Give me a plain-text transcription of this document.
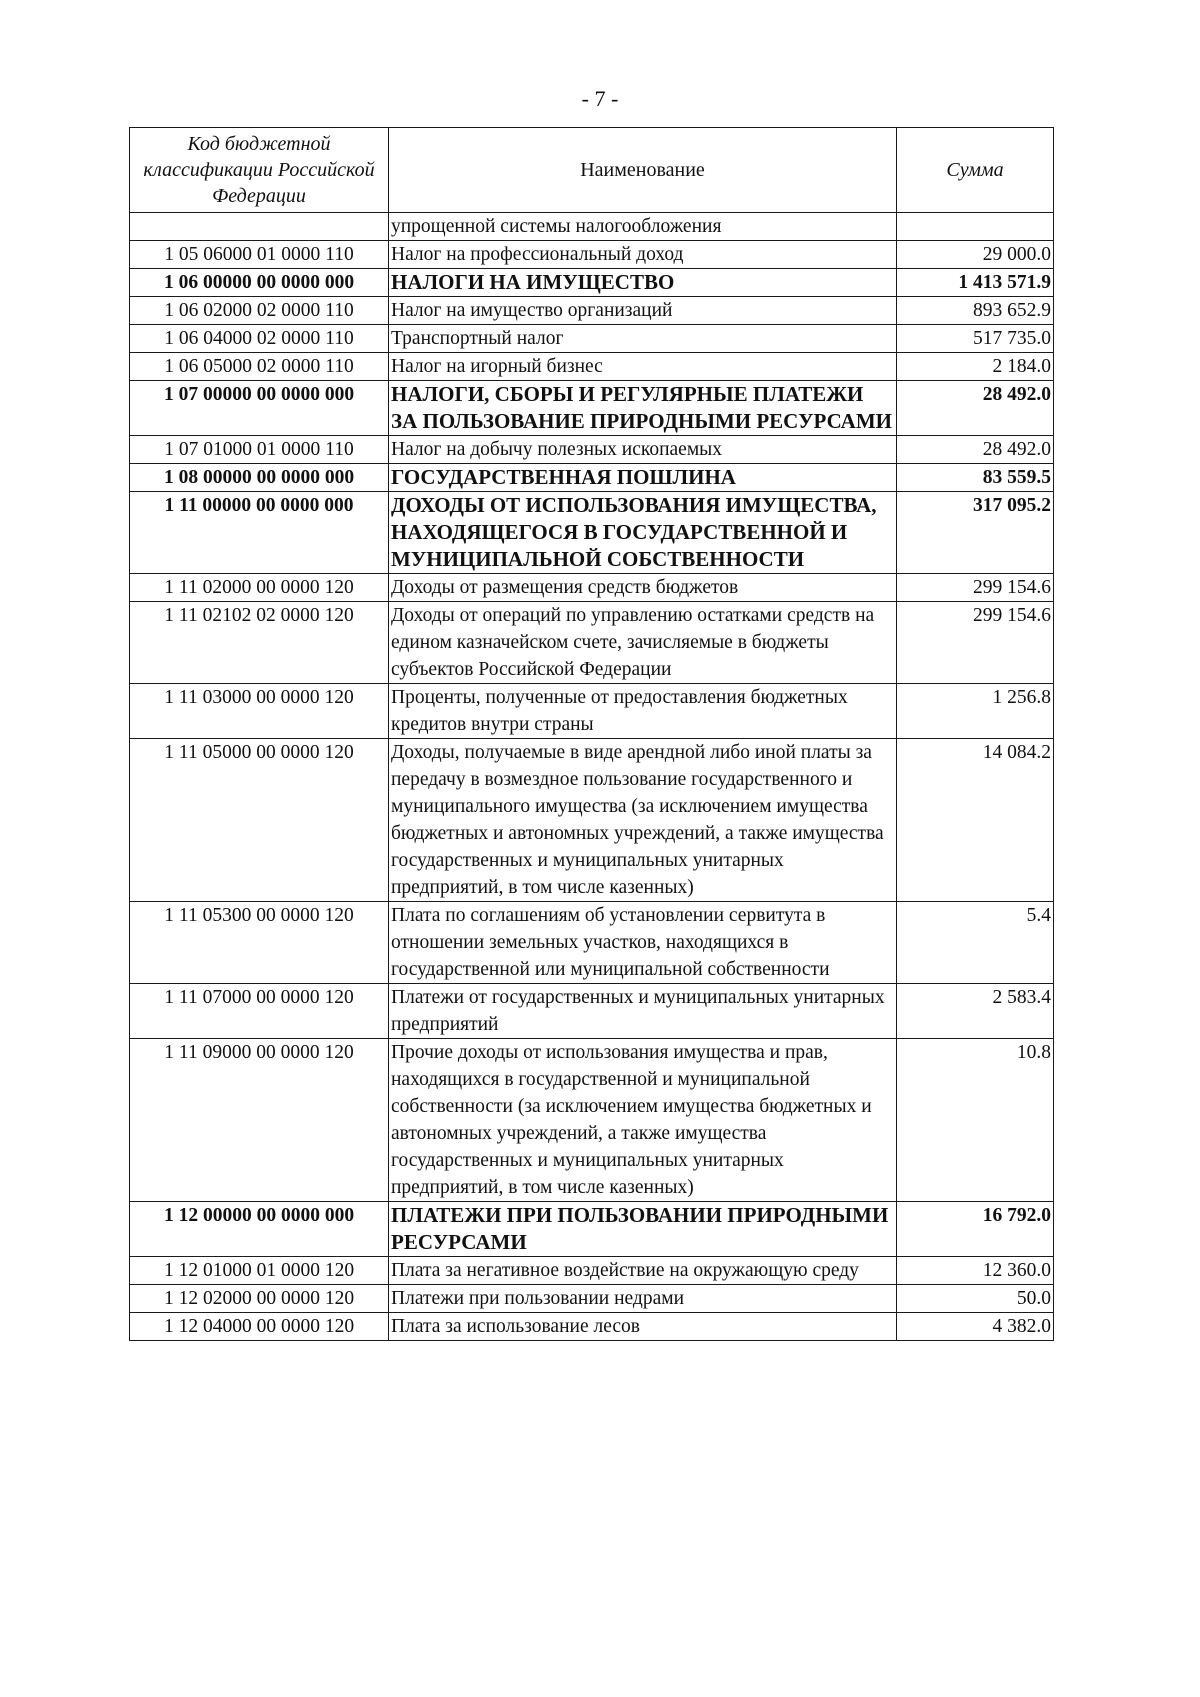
- 7 -
Код бюджетной классификации Российской Федерации	Наименование	Сумма
	упрощенной системы налогообложения	
1 05 06000 01 0000 110	Налог на профессиональный доход	29 000.0
1 06 00000 00 0000 000	НАЛОГИ НА ИМУЩЕСТВО	1 413 571.9
1 06 02000 02 0000 110	Налог на имущество организаций	893 652.9
1 06 04000 02 0000 110	Транспортный налог	517 735.0
1 06 05000 02 0000 110	Налог на игорный бизнес	2 184.0
1 07 00000 00 0000 000	НАЛОГИ, СБОРЫ И РЕГУЛЯРНЫЕ ПЛАТЕЖИ ЗА ПОЛЬЗОВАНИЕ ПРИРОДНЫМИ РЕСУРСАМИ	28 492.0
1 07 01000 01 0000 110	Налог на добычу полезных ископаемых	28 492.0
1 08 00000 00 0000 000	ГОСУДАРСТВЕННАЯ ПОШЛИНА	83 559.5
1 11 00000 00 0000 000	ДОХОДЫ ОТ ИСПОЛЬЗОВАНИЯ ИМУЩЕСТВА, НАХОДЯЩЕГОСЯ В ГОСУДАРСТВЕННОЙ И МУНИЦИПАЛЬНОЙ СОБСТВЕННОСТИ	317 095.2
1 11 02000 00 0000 120	Доходы от размещения средств бюджетов	299 154.6
1 11 02102 02 0000 120	Доходы от операций по управлению остатками средств на едином казначейском счете, зачисляемые в бюджеты субъектов Российской Федерации	299 154.6
1 11 03000 00 0000 120	Проценты, полученные от предоставления бюджетных кредитов внутри страны	1 256.8
1 11 05000 00 0000 120	Доходы, получаемые в виде арендной либо иной платы за передачу в возмездное пользование государственного и муниципального имущества (за исключением имущества бюджетных и автономных учреждений, а также имущества государственных и муниципальных унитарных предприятий, в том числе казенных)	14 084.2
1 11 05300 00 0000 120	Плата по соглашениям об установлении сервитута в отношении земельных участков, находящихся в государственной или муниципальной собственности	5.4
1 11 07000 00 0000 120	Платежи от государственных и муниципальных унитарных предприятий	2 583.4
1 11 09000 00 0000 120	Прочие доходы от использования имущества и прав, находящихся в государственной и муниципальной собственности (за исключением имущества бюджетных и автономных учреждений, а также имущества государственных и муниципальных унитарных предприятий, в том числе казенных)	10.8
1 12 00000 00 0000 000	ПЛАТЕЖИ ПРИ ПОЛЬЗОВАНИИ ПРИРОДНЫМИ РЕСУРСАМИ	16 792.0
1 12 01000 01 0000 120	Плата за негативное воздействие на окружающую среду	12 360.0
1 12 02000 00 0000 120	Платежи при пользовании недрами	50.0
1 12 04000 00 0000 120	Плата за использование лесов	4 382.0
